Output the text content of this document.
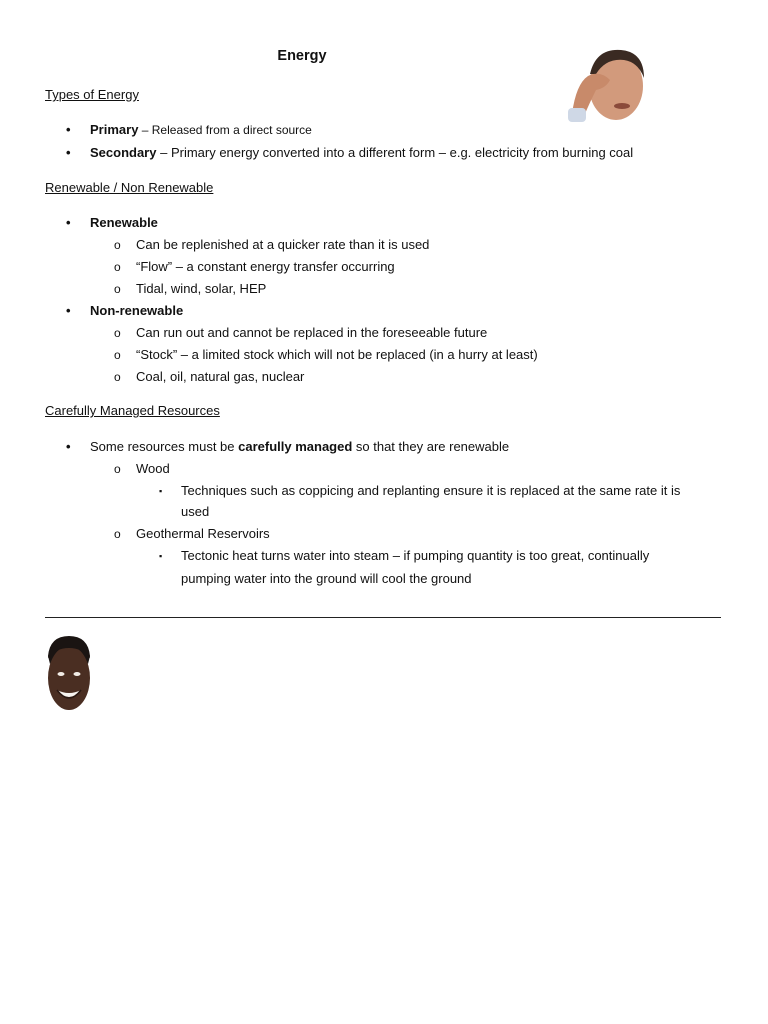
Energy
Types of Energy
• Primary – Released from a direct source
• Secondary – Primary energy converted into a different form – e.g. electricity from burning coal
Renewable / Non Renewable
• Renewable
o Can be replenished at a quicker rate than it is used
o “Flow” – a constant energy transfer occurring
o Tidal, wind, solar, HEP
• Non-renewable
o Can run out and cannot be replaced in the foreseeable future
o “Stock” – a limited stock which will not be replaced (in a hurry at least)
o Coal, oil, natural gas, nuclear
Carefully Managed Resources
• Some resources must be carefully managed so that they are renewable
o Wood
▪ Techniques such as coppicing and replanting ensure it is replaced at the same rate it is
used
o Geothermal Reservoirs
▪ Tectonic heat turns water into steam – if pumping quantity is too great, continually
pumping water into the ground will cool the ground
